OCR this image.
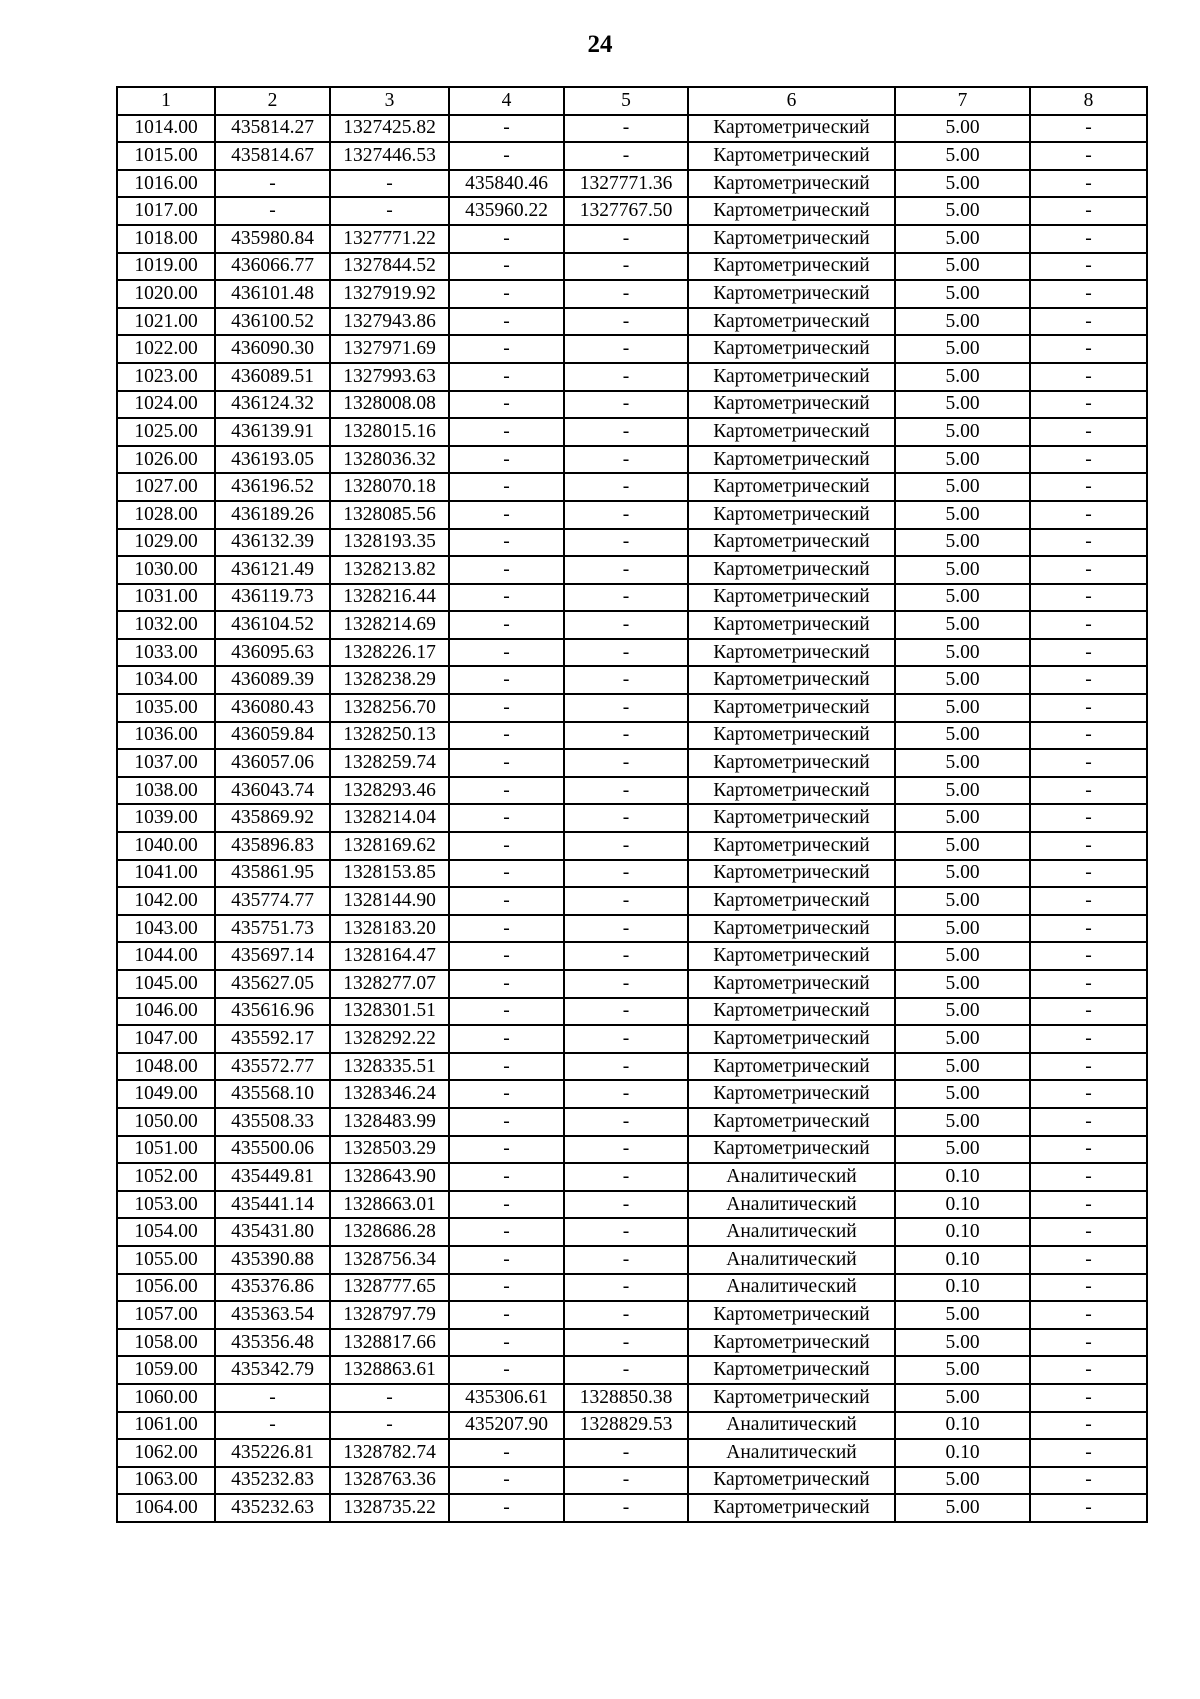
24
1	2	3	4	5	6	7	8
1014.00	435814.27	1327425.82	-	-	Картометрический	5.00	-
1015.00	435814.67	1327446.53	-	-	Картометрический	5.00	-
1016.00	-	-	435840.46	1327771.36	Картометрический	5.00	-
1017.00	-	-	435960.22	1327767.50	Картометрический	5.00	-
1018.00	435980.84	1327771.22	-	-	Картометрический	5.00	-
1019.00	436066.77	1327844.52	-	-	Картометрический	5.00	-
1020.00	436101.48	1327919.92	-	-	Картометрический	5.00	-
1021.00	436100.52	1327943.86	-	-	Картометрический	5.00	-
1022.00	436090.30	1327971.69	-	-	Картометрический	5.00	-
1023.00	436089.51	1327993.63	-	-	Картометрический	5.00	-
1024.00	436124.32	1328008.08	-	-	Картометрический	5.00	-
1025.00	436139.91	1328015.16	-	-	Картометрический	5.00	-
1026.00	436193.05	1328036.32	-	-	Картометрический	5.00	-
1027.00	436196.52	1328070.18	-	-	Картометрический	5.00	-
1028.00	436189.26	1328085.56	-	-	Картометрический	5.00	-
1029.00	436132.39	1328193.35	-	-	Картометрический	5.00	-
1030.00	436121.49	1328213.82	-	-	Картометрический	5.00	-
1031.00	436119.73	1328216.44	-	-	Картометрический	5.00	-
1032.00	436104.52	1328214.69	-	-	Картометрический	5.00	-
1033.00	436095.63	1328226.17	-	-	Картометрический	5.00	-
1034.00	436089.39	1328238.29	-	-	Картометрический	5.00	-
1035.00	436080.43	1328256.70	-	-	Картометрический	5.00	-
1036.00	436059.84	1328250.13	-	-	Картометрический	5.00	-
1037.00	436057.06	1328259.74	-	-	Картометрический	5.00	-
1038.00	436043.74	1328293.46	-	-	Картометрический	5.00	-
1039.00	435869.92	1328214.04	-	-	Картометрический	5.00	-
1040.00	435896.83	1328169.62	-	-	Картометрический	5.00	-
1041.00	435861.95	1328153.85	-	-	Картометрический	5.00	-
1042.00	435774.77	1328144.90	-	-	Картометрический	5.00	-
1043.00	435751.73	1328183.20	-	-	Картометрический	5.00	-
1044.00	435697.14	1328164.47	-	-	Картометрический	5.00	-
1045.00	435627.05	1328277.07	-	-	Картометрический	5.00	-
1046.00	435616.96	1328301.51	-	-	Картометрический	5.00	-
1047.00	435592.17	1328292.22	-	-	Картометрический	5.00	-
1048.00	435572.77	1328335.51	-	-	Картометрический	5.00	-
1049.00	435568.10	1328346.24	-	-	Картометрический	5.00	-
1050.00	435508.33	1328483.99	-	-	Картометрический	5.00	-
1051.00	435500.06	1328503.29	-	-	Картометрический	5.00	-
1052.00	435449.81	1328643.90	-	-	Аналитический	0.10	-
1053.00	435441.14	1328663.01	-	-	Аналитический	0.10	-
1054.00	435431.80	1328686.28	-	-	Аналитический	0.10	-
1055.00	435390.88	1328756.34	-	-	Аналитический	0.10	-
1056.00	435376.86	1328777.65	-	-	Аналитический	0.10	-
1057.00	435363.54	1328797.79	-	-	Картометрический	5.00	-
1058.00	435356.48	1328817.66	-	-	Картометрический	5.00	-
1059.00	435342.79	1328863.61	-	-	Картометрический	5.00	-
1060.00	-	-	435306.61	1328850.38	Картометрический	5.00	-
1061.00	-	-	435207.90	1328829.53	Аналитический	0.10	-
1062.00	435226.81	1328782.74	-	-	Аналитический	0.10	-
1063.00	435232.83	1328763.36	-	-	Картометрический	5.00	-
1064.00	435232.63	1328735.22	-	-	Картометрический	5.00	-
